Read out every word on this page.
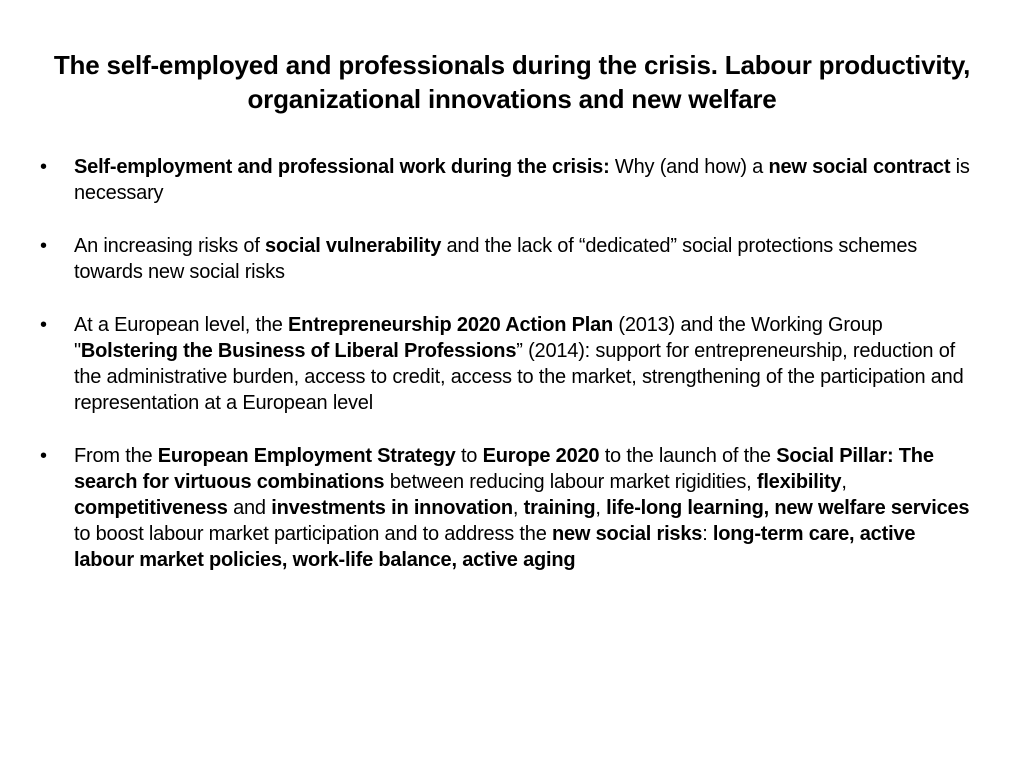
The self-employed and professionals during the crisis. Labour productivity, organizational innovations and new welfare
•	Self-employment and professional work during the crisis: Why (and how) a new social contract is necessary
•	An increasing risks of social vulnerability and the lack of “dedicated” social protections schemes towards new social risks
•	At a European level, the Entrepreneurship 2020 Action Plan (2013) and the Working Group "Bolstering the Business of Liberal Professions” (2014): support for entrepreneurship, reduction of the administrative burden, access to credit, access to the market, strengthening of the participation and representation at a European level
•	From the European Employment Strategy to Europe 2020 to the launch of the Social Pillar: The search for virtuous combinations between reducing labour market rigidities, flexibility, competitiveness and investments in innovation, training, life-long learning, new welfare services to boost labour market participation and to address the new social risks: long-term care, active labour market policies, work-life balance, active aging
